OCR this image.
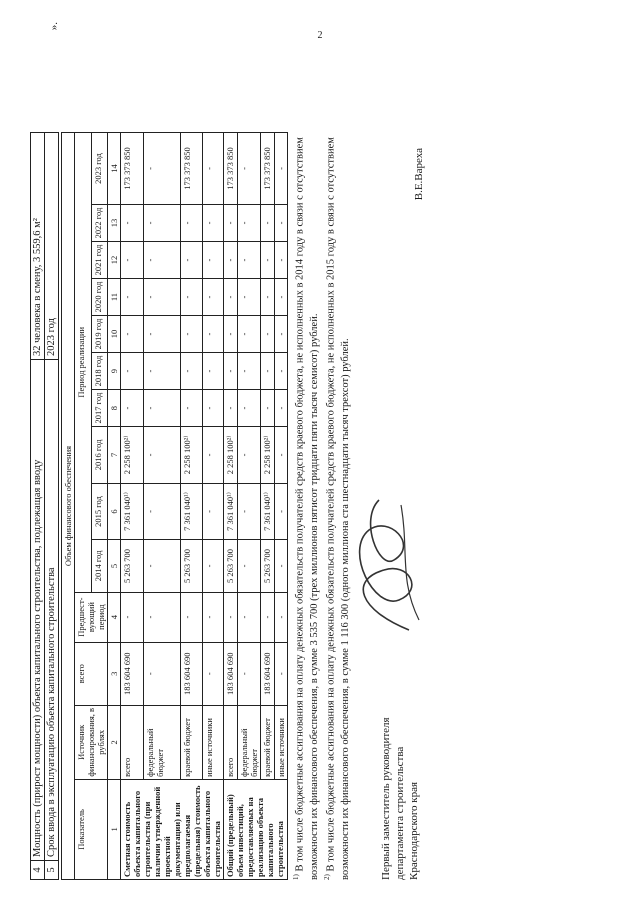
2
4	Мощность (прирост мощности) объекта капитального строительства, подлежащая вводу	32 человека в смену, 3 559,6 м²
5	Срок ввода в эксплуатацию объекта капитального строительства	2023 год
Объем финансового обеспечения													
Показатель	Источник финансирования, в рублях	всего	Предшест-вующий период	Период реализации									
				2014 год	2015 год	2016 год	2017 год	2018 год	2019 год	2020 год	2021 год	2022 год	2023 год
1	2	3	4	5	6	7	8	9	10	11	12	13	14
Сметная стоимость объекта капитального строительства (при наличии утвержденной проектной документации) или предполагаемая (предельная) стоимость объекта капитального строительства	всего	183 604 690	-	5 263 700	7 361 040¹⁾	2 258 100²⁾	-	-	-	-	-	-	173 373 850
	федеральный бюджет	-	-	-	-	-	-	-	-	-	-	-	-
	краевой бюджет	183 604 690	-	5 263 700	7 361 040¹⁾	2 258 100²⁾	-	-	-	-	-	-	173 373 850
	иные источники	-	-	-	-	-	-	-	-	-	-	-	-
Общий (предельный) объем инвестиций, предоставляемых на реализацию объекта капитального строительства	всего	183 604 690	-	5 263 700	7 361 040¹⁾	2 258 100²⁾	-	-	-	-	-	-	173 373 850
	федеральный бюджет	-	-	-	-	-	-	-	-	-	-	-	-
	краевой бюджет	183 604 690	-	5 263 700	7 361 040¹⁾	2 258 100²⁾	-	-	-	-	-	-	173 373 850
	иные источники	-	-	-	-	-	-	-	-	-	-	-	-

$^{1)}$ В том числе бюджетные ассигнования на оплату денежных обязательств получателей средств краевого бюджета, не исполненных в 2014 году в связи с отсутствием возможности их финансового обеспечения, в сумме 3 535 700 (трех миллионов пятисот тридцати пяти тысяч семисот) рублей. $^{2)}$ В том числе бюджетные ассигнования на оплату денежных обязательств получателей средств краевого бюджета, не исполненных в 2015 году в связи с отсутствием возможности их финансового обеспечения, в сумме 1 116 300 (одного миллиона ста шестнадцати тысяч трехсот) рублей.	Первый заместитель руководителя департамента строительства Краснодарского края
В.Е.Вареха
».
